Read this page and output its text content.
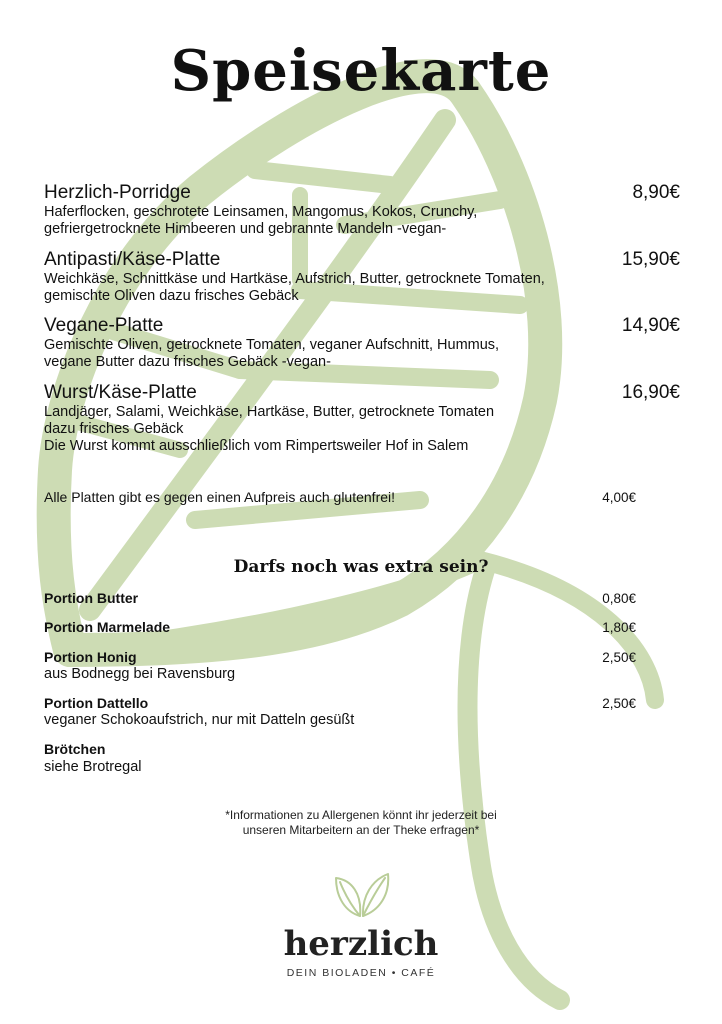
Speisekarte
Herzlich-Porridge	8,90€
Haferflocken, geschrotete Leinsamen, Mangomus, Kokos, Crunchy,
gefriergetrocknete Himbeeren und gebrannte Mandeln -vegan-
Antipasti/Käse-Platte	15,90€
Weichkäse, Schnittkäse und Hartkäse, Aufstrich, Butter, getrocknete Tomaten,
gemischte Oliven dazu frisches Gebäck
Vegane-Platte	14,90€
Gemischte Oliven, getrocknete Tomaten, veganer Aufschnitt, Hummus,
vegane Butter dazu frisches Gebäck -vegan-
Wurst/Käse-Platte	16,90€
Landjäger, Salami, Weichkäse, Hartkäse, Butter, getrocknete Tomaten
dazu frisches Gebäck
Die Wurst kommt ausschließlich vom Rimpertsweiler Hof in Salem
Alle Platten gibt es gegen einen Aufpreis auch glutenfrei!	4,00€
Darfs noch was extra sein?
Portion Butter	0,80€
Portion Marmelade	1,80€
Portion Honig	2,50€
aus Bodnegg bei Ravensburg
Portion Dattello	2,50€
veganer Schokoaufstrich, nur mit Datteln gesüßt
Brötchen
siehe Brotregal
*Informationen zu Allergenen könnt ihr jederzeit bei
unseren Mitarbeitern an der Theke erfragen*
herzlich
DEIN BIOLADEN • CAFÉ
